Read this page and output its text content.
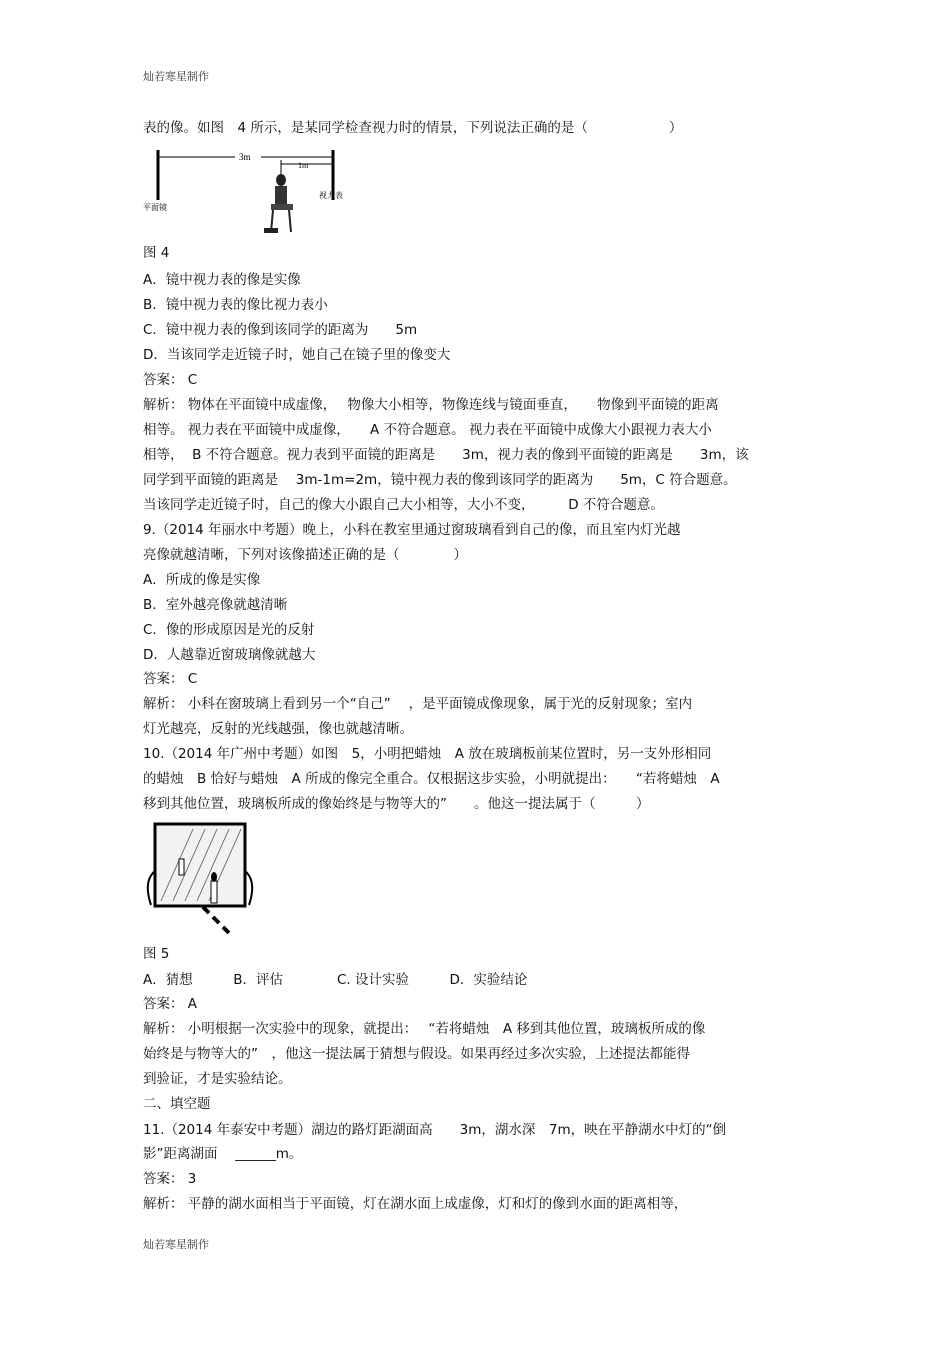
灿若寒星制作
表的像。如图　4 所示，是某同学检查视力时的情景，下列说法正确的是（　　　　　　）
图 4
A．镜中视力表的像是实像
B．镜中视力表的像比视力表小
C．镜中视力表的像到该同学的距离为　　5m
D．当该同学走近镜子时，她自己在镜子里的像变大
答案： C
解析： 物体在平面镜中成虚像，　 物像大小相等，物像连线与镜面垂直，　　物像到平面镜的距离
相等。 视力表在平面镜中成虚像，　　A 不符合题意。 视力表在平面镜中成像大小跟视力表大小
相等，  B 不符合题意。视力表到平面镜的距离是　　3m，视力表的像到平面镜的距离是　　3m，该
同学到平面镜的距离是　 3m-1m=2m，镜中视力表的像到该同学的距离为　　5m，C 符合题意。
当该同学走近镜子时，自己的像大小跟自己大小相等，大小不变，　　　D 不符合题意。
9.（2014 年丽水中考题）晚上，小科在教室里通过窗玻璃看到自己的像，而且室内灯光越
亮像就越清晰，下列对该像描述正确的是（　　　　）
A．所成的像是实像
B．室外越亮像就越清晰
C．像的形成原因是光的反射
D．人越靠近窗玻璃像就越大
答案： C
解析： 小科在窗玻璃上看到另一个“自己”　 ，是平面镜成像现象，属于光的反射现象；室内
灯光越亮，反射的光线越强，像也就越清晰。
10.（2014 年广州中考题）如图　5，小明把蜡烛　A 放在玻璃板前某位置时，另一支外形相同
的蜡烛　B 恰好与蜡烛　A 所成的像完全重合。仅根据这步实验，小明就提出：　　“若将蜡烛　A
移到其他位置，玻璃板所成的像始终是与物等大的”　　。他这一提法属于（　　　）
图 5
A．猜想　　　B．评估　　　　C. 设计实验　　　D．实验结论
答案： A
解析： 小明根据一次实验中的现象，就提出：　 “若将蜡烛　A 移到其他位置，玻璃板所成的像
始终是与物等大的”　，他这一提法属于猜想与假设。如果再经过多次实验，上述提法都能得
到验证，才是实验结论。
二、填空题
11.（2014 年泰安中考题）湖边的路灯距湖面高　　3m，湖水深　7m，映在平静湖水中灯的“倒
影”距离湖面　 ______m。
答案： 3
解析： 平静的湖水面相当于平面镜，灯在湖水面上成虚像，灯和灯的像到水面的距离相等，
3m
1m
平面镜
视力表
灿若寒星制作
